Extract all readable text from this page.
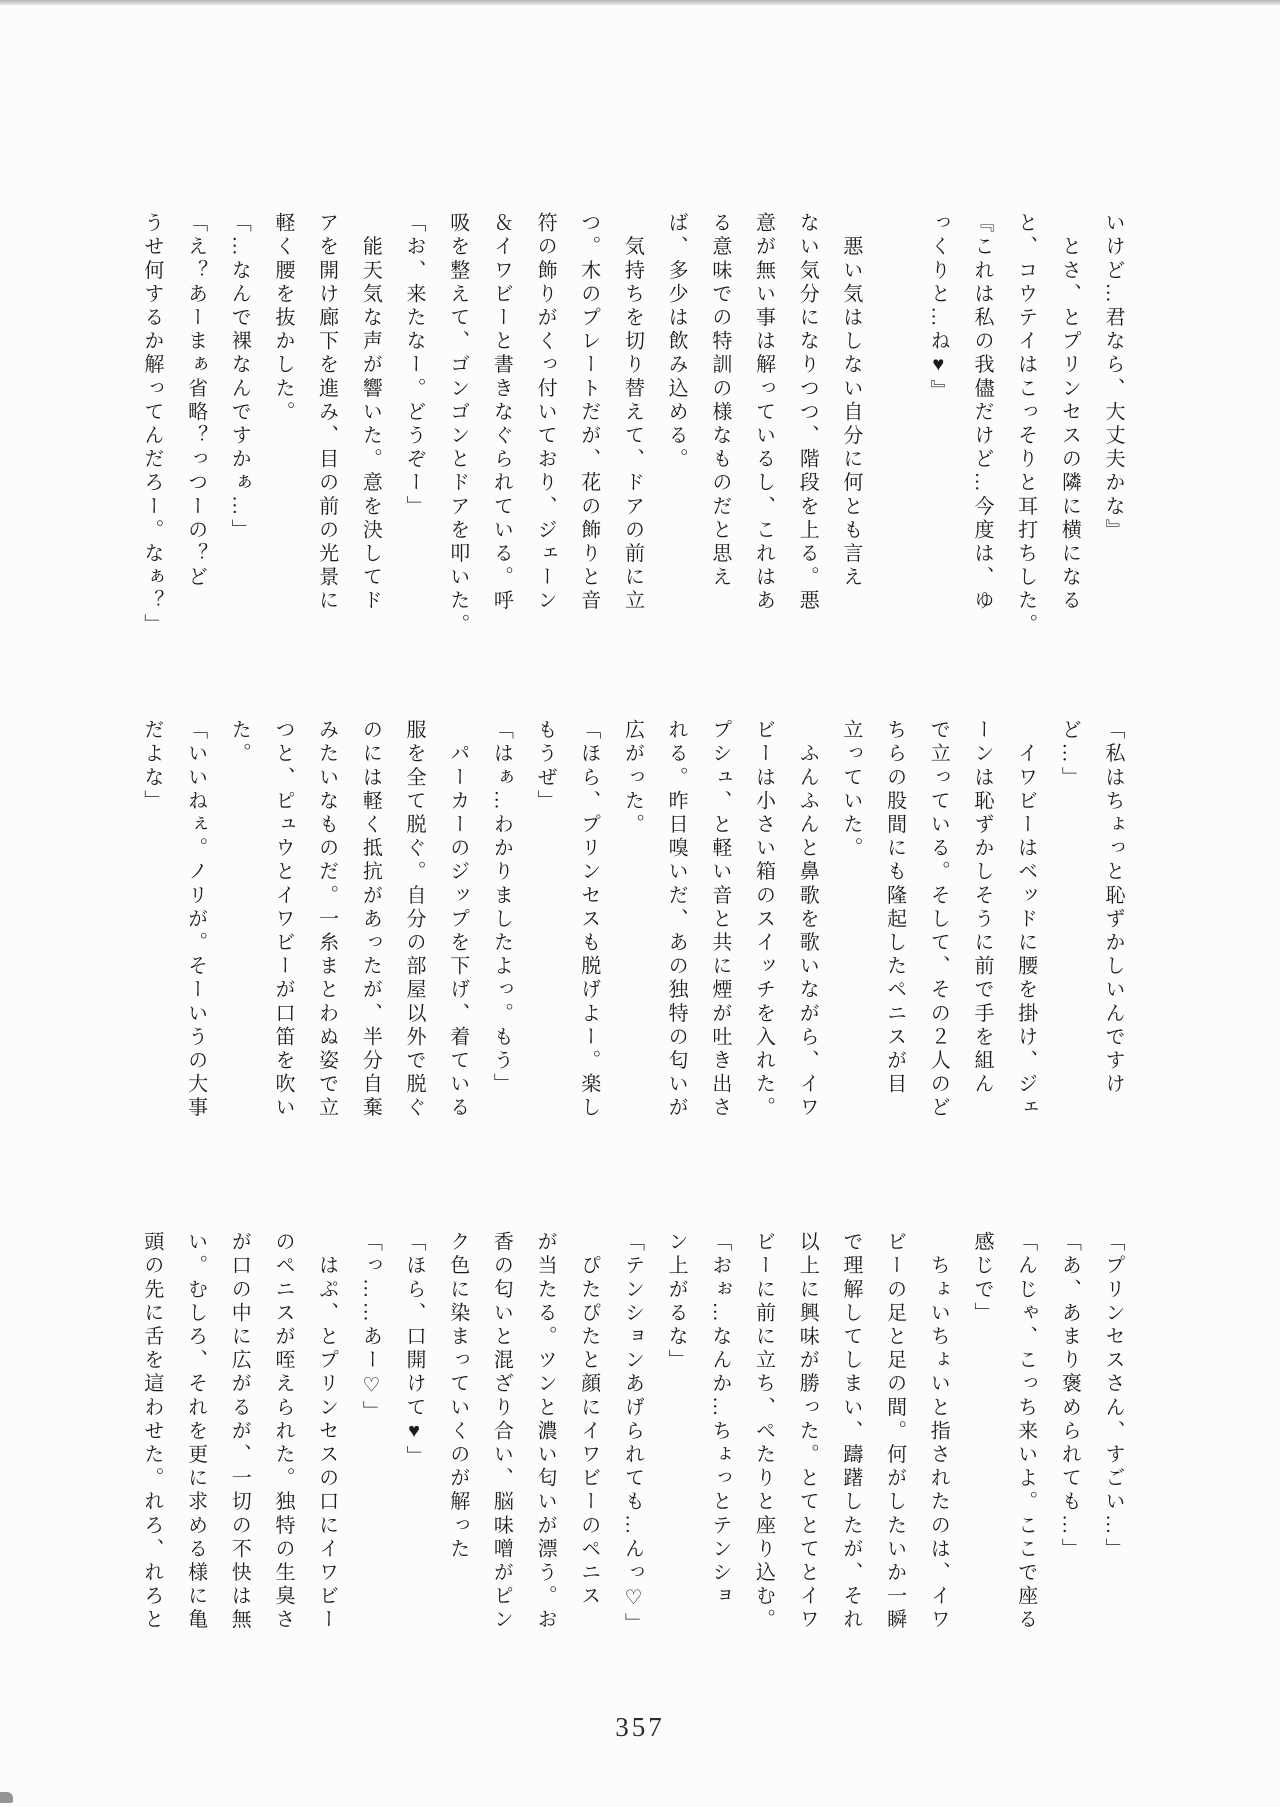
いけど…君なら、大丈夫かな』
　とさ、とプリンセスの隣に横になる
と、コウテイはこっそりと耳打ちした。
『これは私の我儘だけど…今度は、ゆ
っくりと…ね♥』
　悪い気はしない自分に何とも言え
ない気分になりつつ、階段を上る。悪
意が無い事は解っているし、これはあ
る意味での特訓の様なものだと思え
ば、多少は飲み込める。
　気持ちを切り替えて、ドアの前に立
つ。木のプレートだが、花の飾りと音
符の飾りがくっ付いており、ジェーン
＆イワビーと書きなぐられている。呼
吸を整えて、ゴンゴンとドアを叩いた。
「お、来たなー。どうぞー」
　能天気な声が響いた。意を決してド
アを開け廊下を進み、目の前の光景に
軽く腰を抜かした。
「…なんで裸なんですかぁ…」
「え？あーまぁ省略？っつーの？ど
うせ何するか解ってんだろー。なぁ？」
「私はちょっと恥ずかしいんですけ
ど…」
　イワビーはベッドに腰を掛け、ジェ
ーンは恥ずかしそうに前で手を組ん
で立っている。そして、その２人のど
ちらの股間にも隆起したペニスが目
立っていた。
　ふんふんと鼻歌を歌いながら、イワ
ビーは小さい箱のスイッチを入れた。
プシュ、と軽い音と共に煙が吐き出さ
れる。昨日嗅いだ、あの独特の匂いが
広がった。
「ほら、プリンセスも脱げよー。楽し
もうぜ」
「はぁ…わかりましたよっ。もう」
　パーカーのジップを下げ、着ている
服を全て脱ぐ。自分の部屋以外で脱ぐ
のには軽く抵抗があったが、半分自棄
みたいなものだ。一糸まとわぬ姿で立
つと、ピュウとイワビーが口笛を吹い
た。
「いいねぇ。ノリが。そーいうの大事
だよな」
「プリンセスさん、すごい…」
「あ、あまり褒められても…」
「んじゃ、こっち来いよ。ここで座る
感じで」
　ちょいちょいと指されたのは、イワ
ビーの足と足の間。何がしたいか一瞬
で理解してしまい、躊躇したが、それ
以上に興味が勝った。とてとてとイワ
ビーに前に立ち、ぺたりと座り込む。
「おぉ…なんか…ちょっとテンショ
ン上がるな」
「テンションあげられても…んっ♡」
　ぴたぴたと顔にイワビーのペニス
が当たる。ツンと濃い匂いが漂う。お
香の匂いと混ざり合い、脳味噌がピン
ク色に染まっていくのが解った
「ほら、口開けて♥」
「っ……あー♡」
　はぷ、とプリンセスの口にイワビー
のペニスが咥えられた。独特の生臭さ
が口の中に広がるが、一切の不快は無
い。むしろ、それを更に求める様に亀
頭の先に舌を這わせた。れろ、れろと
357
